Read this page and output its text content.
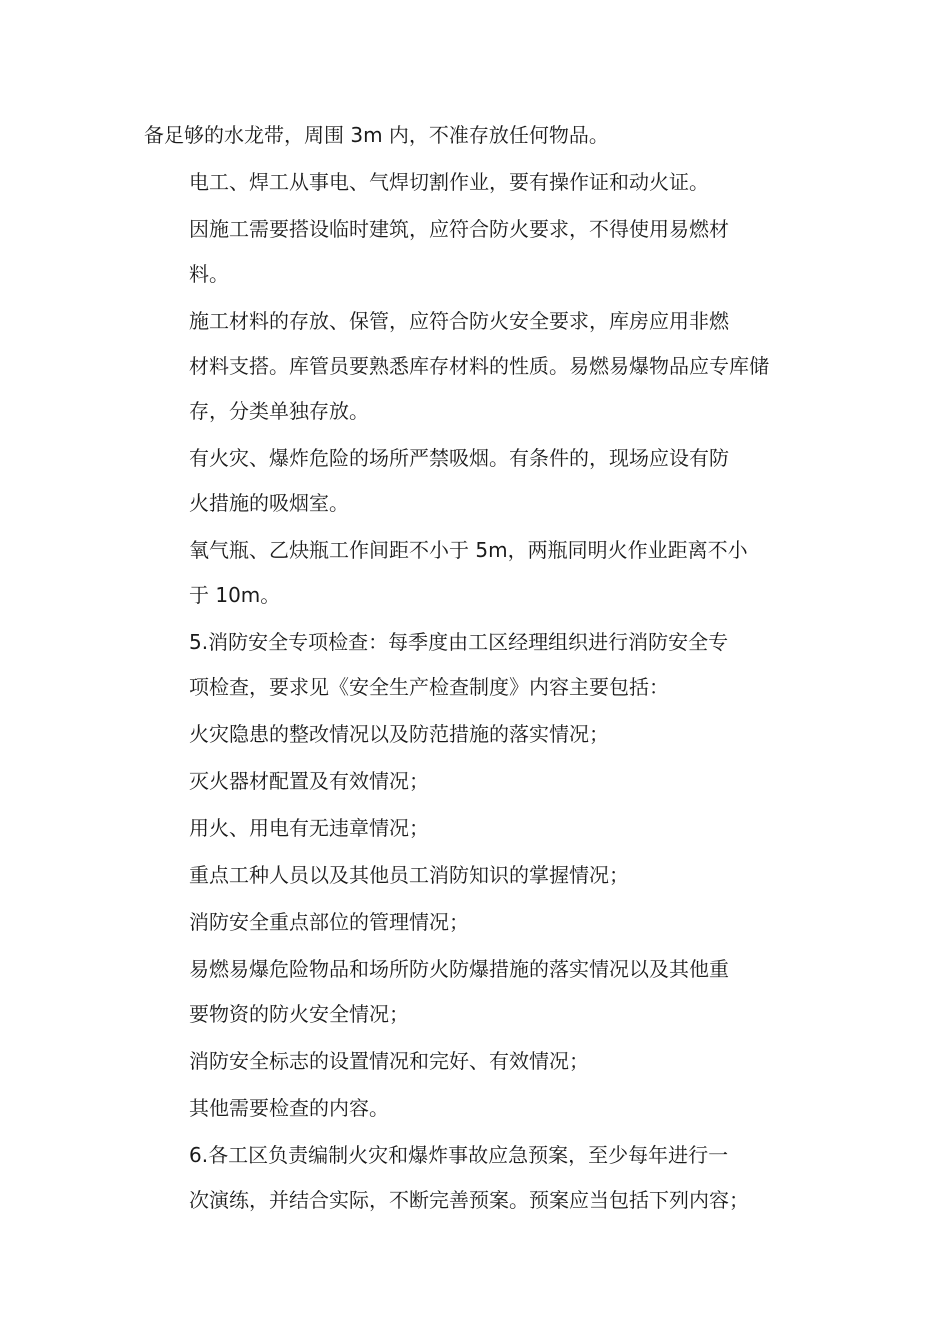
备足够的水龙带，周围 3m 内，不准存放任何物品。
电工、焊工从事电、气焊切割作业，要有操作证和动火证。
因施工需要搭设临时建筑，应符合防火要求，不得使用易燃材
料。
施工材料的存放、保管，应符合防火安全要求，库房应用非燃
材料支搭。库管员要熟悉库存材料的性质。易燃易爆物品应专库储
存，分类单独存放。
有火灾、爆炸危险的场所严禁吸烟。有条件的，现场应设有防
火措施的吸烟室。
氧气瓶、乙炔瓶工作间距不小于 5m，两瓶同明火作业距离不小
于 10m。
5.消防安全专项检查：每季度由工区经理组织进行消防安全专
项检查，要求见《安全生产检查制度》内容主要包括：
火灾隐患的整改情况以及防范措施的落实情况；
灭火器材配置及有效情况；
用火、用电有无违章情况；
重点工种人员以及其他员工消防知识的掌握情况；
消防安全重点部位的管理情况；
易燃易爆危险物品和场所防火防爆措施的落实情况以及其他重
要物资的防火安全情况；
消防安全标志的设置情况和完好、有效情况；
其他需要检查的内容。
6.各工区负责编制火灾和爆炸事故应急预案，至少每年进行一
次演练，并结合实际，不断完善预案。预案应当包括下列内容；
